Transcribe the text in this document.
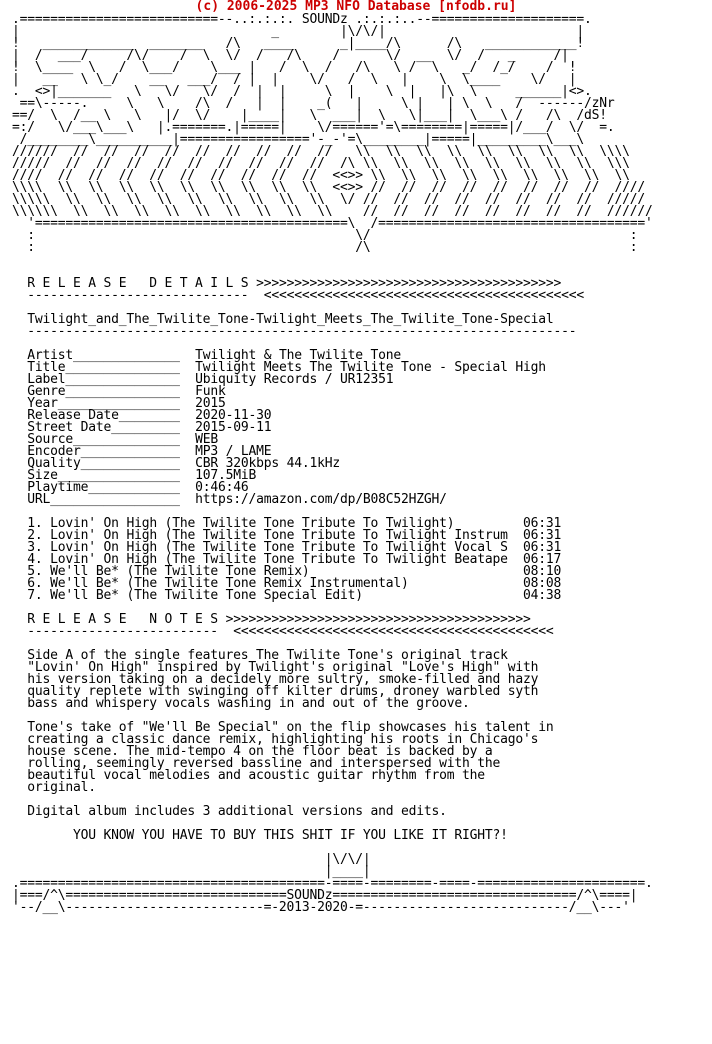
(c) 2006-2025 MP3 NFO Database [nfodb.ru]
.==========================--..:.:.:. SOUNDz .:.:.:..--====================.
|                                 _        |\/\/|                         |
!   ____________  _______   /\   ____      _|____/\      /\   ____________!
|  /  ___/     /\/    /  \  \/  /   /\    /      \/  __  \/  /   _     /|
!  \____  \   /  \___/    \___ |   /  \  /   /\   \ /  \   _/  /_/    /  !
|   __   \ \_/    __   ___/  / |  |    \/   /  \   |    \  \____    \/   |
.  <>|_______   \   \/   \/  /  |  |     \  |    \  |   |\  \     ______|<>.
==\-----.     \   \    /\  /   |  |    _(   |     \ |   | \  \   /  ------/zNr
==/  \  /__ \   \   |/  \/    |____|   \  ___|  \   \|___|  \___\ /   /\  /dS!
=:/   \/___\___\   |.=======.|=====|    \/======'=\========|=====|/___/  \/  =.
/________\__________|================='-_-'=\________|=====|_________\___\
//////  //  //  //  //  //  //  //  //  //   \\  \\  \\  \\  \\  \\  \\  \\  \\\\
/////  //  //  //  //  //  //  //  //  //  /\ \\  \\  \\  \\  \\  \\  \\  \\  \\\
////  //  //  //  //  //  //  //  //  //  <<>> \\  \\  \\  \\  \\  \\  \\  \\  \\
\\\\  \\  \\  \\  \\  \\  \\  \\  \\  \\  <<>> //  //  //  //  //  //  //  //  ////
\\\\\  \\  \\  \\  \\  \\  \\  \\  \\  \\  \/ //  //  //  //  //  //  //  //  /////
\\\\\\  \\  \\  \\  \\  \\  \\  \\  \\  \\    //  //  //  //  //  //  //  //  //////
'=========================================\  /==================================='
:                                          \/                                  :
:                                          /\                                  :

R E L E A S E   D E T A I L S >>>>>>>>>>>>>>>>>>>>>>>>>>>>>>>>>>>>>>>>
-----------------------------  <<<<<<<<<<<<<<<<<<<<<<<<<<<<<<<<<<<<<<<<<<

Twilight_and_The_Twilite_Tone-Twilight_Meets_The_Twilite_Tone-Special
------------------------------------------------------------------------

Artist______________ Twilight & The Twilite Tone
Title_______________ Twilight Meets The Twilite Tone - Special High
Label_______________ Ubiquity Records / UR12351
Genre_______________ Funk
Year________________ 2015
Release Date________ 2020-11-30
Street Date_________ 2015-09-11
Source______________ WEB
Encoder_____________ MP3 / LAME
Quality_____________ CBR 320kbps 44.1kHz
Size________________ 107.5MiB
Playtime____________ 0:46:46
URL_________________ https://amazon.com/dp/B08C52HZGH/

1. Lovin' On High (The Twilite Tone Tribute To Twilight)         06:31
2. Lovin' On High (The Twilite Tone Tribute To Twilight Instrum  06:31
3. Lovin' On High (The Twilite Tone Tribute To Twilight Vocal S  06:31
4. Lovin' On High (The Twilite Tone Tribute To Twilight Beatape  06:17
5. We'll Be* (The Twilite Tone Remix)                            08:10
6. We'll Be* (The Twilite Tone Remix Instrumental)               08:08
7. We'll Be* (The Twilite Tone Special Edit)                     04:38

R E L E A S E   N O T E S >>>>>>>>>>>>>>>>>>>>>>>>>>>>>>>>>>>>>>>>
-------------------------  <<<<<<<<<<<<<<<<<<<<<<<<<<<<<<<<<<<<<<<<<<

Side A of the single features The Twilite Tone's original track
"Lovin' On High" inspired by Twilight's original "Love's High" with
his version taking on a decidely more sultry, smoke-filled and hazy
quality replete with swinging off kilter drums, droney warbled syth
bass and whispery vocals washing in and out of the groove.

Tone's take of "We'll Be Special" on the flip showcases his talent in
creating a classic dance remix, highlighting his roots in Chicago's
house scene. The mid-tempo 4 on the floor beat is backed by a
rolling, seemingly reversed bassline and interspersed with the
beautiful vocal melodies and acoustic guitar rhythm from the
original.

Digital album includes 3 additional versions and edits.

YOU KNOW YOU HAVE TO BUY THIS SHIT IF YOU LIKE IT RIGHT?!

|\/\/|
|____|
.========================================-====-========-====-======================.
|===/^\=============================SOUNDz================================/^\====|
'--/__\--------------------------=-2013-2020-=---------------------------/__\---'
